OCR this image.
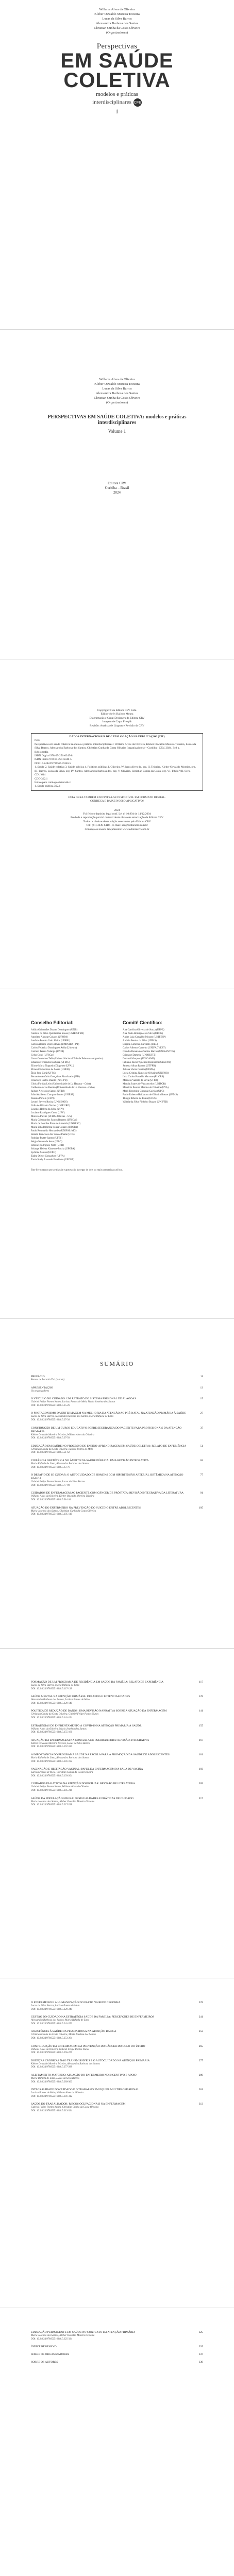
Willams Alves da Oliveira
Kleber Oswaldo Moreira Teixeira
Lucas da Silva Barros
Alexsandra Barbosa dos Santos
Christian Cunha da Costa Oliveira
(Organizadores)
Perspectivas
EM SAÚDE
COLETIVA
modelos e práticas
interdisciplinares CFE
1
Willams Alves da Oliveira
Kleber Oswaldo Moreira Teixeira
Lucas da Silva Barros
Alexsandra Barbosa dos Santos
Christian Cunha da Costa Oliveira
(Organizadores)
PERSPECTIVAS EM SAÚDE COLETIVA: modelos e práticas interdisciplinares
Volume 1
Editora CRV
Curitiba – Brasil
2024
Copyright © da Editora CRV Ltda.
Editor-chefe: Railson Moura
Diagramação e Capa: Designers da Editora CRV
Imagem de Capa: Freepik
Revisão: Analista de Línguas e Revisão da CRV
DADOS INTERNACIONAIS DE CATALOGAÇÃO NA PUBLICAÇÃO (CIP)
P467
Perspectivas em saúde coletiva: modelos e práticas interdisciplinares / Willams Alves da Oliveira, Kleber Oswaldo Moreira Teixeira, Lucas da Silva Barros, Alexsandra Barbosa dos Santos, Christian Cunha da Costa Oliveira (organizadores) – Curitiba : CRV, 2024. 340 p.
Bibliografia
ISBN Digital 978-65-251-6345-8
ISBN Físico 978-65-251-6346-5
DOI 10.24824/978652516346.5
1. Saúde 2. Saúde coletiva 3. Saúde pública 4. Políticas públicas I. Oliveira, Willams Alves da. org. II. Teixeira, Kleber Oswaldo Moreira. org. III. Barros, Lucas da Silva. org. IV. Santos, Alexsandra Barbosa dos. org. V. Oliveira, Christian Cunha da Costa. org. VI. Título VII. Série.
CDU 614
CDD 362.1
Índice para catálogo sistemático
1. Saúde pública 362.1
ESTA OBRA TAMBÉM ENCONTRA-SE DISPONÍVEL EM FORMATO DIGITAL.
CONHEÇA E BAIXE NOSSO APLICATIVO!
2024
Foi feito o depósito legal conf. Lei nº 10.994 de 14/12/2004
Proibida a reprodução parcial ou total desta obra sem autorização da Editora CRV
Todos os direitos desta edição reservados pela Editora CRV
Tel.: (41) 3039-6418 – E-mail: sac@editoracrv.com.br
Conheça os nossos lançamentos: www.editoracrv.com.br
Conselho Editorial:
Aldira Guimarães Duarte Domínguez (UNB)
Andréia da Silva Quintanilha Sousa (UNIR/UFRN)
Anselmo Alencar Colares (UFOPA)
Antônio Pereira Gaio Júnior (UFRRJ)
Carlos Alberto Vilar Estêvão (UMINHO – PT)
Carlos Federico Dominguez Avila (Unieuro)
Carmen Tereza Velanga (UNIR)
Celso Conti (UFSCar)
Cesar Gerónimo Tello (Univer. Nacional Três de Febrero – Argentina)
Eduardo Fernandes Barbosa (UFMG)
Elione Maria Nogueira Diogenes (UFAL)
Elizeu Clementino de Souza (UNEB)
Élsio José Corá (UFFS)
Fernando Antônio Gonçalves Alcoforado (IPB)
Francisco Carlos Duarte (PUC-PR)
Gloria Fariñas León (Universidade de La Havana – Cuba)
Guillermo Arias Beatón (Universidade de La Havana – Cuba)
Jailson Alves dos Santos (UFRJ)
João Adalberto Campato Junior (UNESP)
Josania Portela (UFPI)
Leonel Severo Rocha (UNISINOS)
Lídia de Oliveira Xavier (UNIEURO)
Lourdes Helena da Silva (UFV)
Luciano Rodrigues Costa (UFV)
Marcelo Paixão (UFRJ e UTexas – US)
Maria Cristina dos Santos Bezerra (UFSCar)
Maria de Lourdes Pinto de Almeida (UNOESC)
Maria Lília Imbiriba Sousa Colares (UFOPA)
Paulo Romualdo Hernandes (UNIFAL-MG)
Renato Francisco dos Santos Paula (UFG)
Rodrigo Pratte-Santos (UFES)
Sérgio Nunes de Jesus (IFRO)
Simone Rodrigues Pinto (UNB)
Solange Helena Ximenes-Rocha (UFOPA)
Sydione Santos (UEPG)
Tadeu Oliver Gonçalves (UFPA)
Tania Suely Azevedo Brasileiro (UFOPA)
Comitê Científico:
Ana Carolina Oliveira de Souza (UFPE)
Ana Paula Rodrigues da Silva (UFCG)
Andre Luiz Carvalho Moraes (UNIFESP)
Andréa Pereira da Silva (UFMS)
Brígida Gimenez Carvalho (UEL)
Carlos Alberto Carneiro (UNIFACVEST)
Claudia Renata dos Santos Barros (UNISANTOS)
Cristiane Dameda (UNIOESTE)
Dalvani Marques (UNICAMP)
Fabiano Kleber Queiroz Bedenardi (CESUPA)
Janesca Alban Roman (UTFPR)
Juliana Vieira Cutrim (UFMA)
Lúcia Cristina Nunes de Oliveira (UNIFOR)
Luiz Carlos Porcello Marrone (PUCRS)
Manuela Valente da Silva (UFPB)
Marcia Soares de Vasconcelos (UNIFOR)
Mauricio Pereira Martins de Oliveira (UVA)
Marli Terezinha Gimeniz Galvão (UFC)
Paulo Roberto Haidamus de Oliveira Bastos (UFMS)
Thiago Ribeiro de Paula (UFES)
Valéria da Silva Pinheiro Buzato (UNIFEB)
Este livro passou por avaliação e aprovação às cegas de dois ou mais pareceristas ad hoc.
SUMÁRIO
PREFÁCIO	11
Renata de Lacerda Thá (e-book)
APRESENTAÇÃO	13
Os organizadores
O VÍNCULO NO CUIDADO: UM RETRATO DO SISTEMA PRISIONAL DE ALAGOAS	15
Gabriel Felipe Pontes Nunes, Larissa Pontes de Melo, Maria Joselma dos Santos
DOI: 10.24824/978652516346.5.15-26
O PROTAGONISMO DA ENFERMAGEM NA MELHORIA DA ATENÇÃO AO PRÉ-NATAL NA ATENÇÃO PRIMÁRIA À SAÚDE	27
Lucas da Silva Barros, Alexsandra Barbosa dos Santos, Maria Rafaela de Lima
DOI: 10.24824/978652516346.5.27-36
CONSTRUÇÃO DE UM CURSO EDUCATIVO SOBRE SEGURANÇA DO PACIENTE PARA PROFISSIONAIS DA ATENÇÃO PRIMÁRIA
37
Kleber Oswaldo Moreira Teixeira, Willams Alves da Oliveira
DOI: 10.24824/978652516346.5.37-50
EDUCAÇÃO EM SAÚDE NO PROCESSO DE ENSINO-APRENDIZAGEM EM SAÚDE COLETIVA: RELATO DE EXPERIÊNCIA	51
Christian Cunha da Costa Oliveira, Larissa Pontes de Melo
DOI: 10.24824/978652516346.5.51-62
VIOLÊNCIA OBSTÉTRICA NO ÂMBITO DA SAÚDE PÚBLICA: UMA REVISÃO INTEGRATIVA	63
Maria Rafaela de Lima, Alexsandra Barbosa dos Santos
DOI: 10.24824/978652516346.5.63-76
O DESAFIO DE SE CUIDAR: O AUTOCUIDADO DE HOMENS COM HIPERTENSÃO ARTERIAL SISTÊMICA NA ATENÇÃO BÁSICA
77
Gabriel Felipe Pontes Nunes, Lucas da Silva Barros
DOI: 10.24824/978652516346.5.77-90
CUIDADOS DE ENFERMAGEM AO PACIENTE COM CÂNCER DE PRÓSTATA: REVISÃO INTEGRATIVA DA LITERATURA	91
Willams Alves da Oliveira, Kleber Oswaldo Moreira Teixeira
DOI: 10.24824/978652516346.5.91-104
ATUAÇÃO DO ENFERMEIRO NA PREVENÇÃO DO SUICÍDIO ENTRE ADOLESCENTES	105
Maria Joselma dos Santos, Christian Cunha da Costa Oliveira
DOI: 10.24824/978652516346.5.105-116
FORMAÇÃO DE UM PROGRAMA DE RESIDÊNCIA EM SAÚDE DA FAMÍLIA: RELATO DE EXPERIÊNCIA	117
Lucas da Silva Barros, Maria Rafaela de Lima
DOI: 10.24824/978652516346.5.117-128
SAÚDE MENTAL NA ATENÇÃO PRIMÁRIA: DESAFIOS E POTENCIALIDADES	129
Alexsandra Barbosa dos Santos, Larissa Pontes de Melo
DOI: 10.24824/978652516346.5.129-140
POLÍTICA DE REDUÇÃO DE DANOS: UMA REVISÃO NARRATIVA SOBRE A ATUAÇÃO DA ENFERMAGEM	141
Christian Cunha da Costa Oliveira, Gabriel Felipe Pontes Nunes
DOI: 10.24824/978652516346.5.141-154
ESTRATÉGIAS DE ENFRENTAMENTO À COVID-19 NA ATENÇÃO PRIMÁRIA À SAÚDE	155
Willams Alves da Oliveira, Maria Joselma dos Santos
DOI: 10.24824/978652516346.5.155-166
ATUAÇÃO DA ENFERMAGEM NA CONSULTA DE PUERICULTURA: REVISÃO INTEGRATIVA	167
Kleber Oswaldo Moreira Teixeira, Lucas da Silva Barros
DOI: 10.24824/978652516346.5.167-180
A IMPORTÂNCIA DO PROGRAMA SAÚDE NA ESCOLA PARA A PROMOÇÃO DA SAÚDE DE ADOLESCENTES	181
Maria Rafaela de Lima, Alexsandra Barbosa dos Santos
DOI: 10.24824/978652516346.5.181-192
VACINAÇÃO E HESITAÇÃO VACINAL: PAPEL DA ENFERMAGEM NA SALA DE VACINA	193
Larissa Pontes de Melo, Christian Cunha da Costa Oliveira
DOI: 10.24824/978652516346.5.193-204
CUIDADOS PALIATIVOS NA ATENÇÃO DOMICILIAR: REVISÃO DE LITERATURA	205
Gabriel Felipe Pontes Nunes, Willams Alves da Oliveira
DOI: 10.24824/978652516346.5.205-216
SAÚDE DA POPULAÇÃO NEGRA: DESIGUALDADES E PRÁTICAS DE CUIDADO	217
Maria Joselma dos Santos, Kleber Oswaldo Moreira Teixeira
DOI: 10.24824/978652516346.5.217-228
O ENFERMEIRO E A HUMANIZAÇÃO DO PARTO NA REDE CEGONHA	229
Lucas da Silva Barros, Larissa Pontes de Melo
DOI: 10.24824/978652516346.5.229-240
GESTÃO DO CUIDADO NA ESTRATÉGIA SAÚDE DA FAMÍLIA: PERCEPÇÕES DE ENFERMEIROS	241
Alexsandra Barbosa dos Santos, Maria Rafaela de Lima
DOI: 10.24824/978652516346.5.241-252
ASSISTÊNCIA À SAÚDE DA PESSOA IDOSA NA ATENÇÃO BÁSICA	253
Christian Cunha da Costa Oliveira, Maria Joselma dos Santos
DOI: 10.24824/978652516346.5.253-264
CONTRIBUIÇÃO DA ENFERMAGEM NA PREVENÇÃO DO CÂNCER DO COLO DO ÚTERO	265
Willams Alves da Oliveira, Gabriel Felipe Pontes Nunes
DOI: 10.24824/978652516346.5.265-276
DOENÇAS CRÔNICAS NÃO TRANSMISSÍVEIS E O AUTOCUIDADO NA ATENÇÃO PRIMÁRIA	277
Kleber Oswaldo Moreira Teixeira, Alexsandra Barbosa dos Santos
DOI: 10.24824/978652516346.5.277-288
ALEITAMENTO MATERNO: ATUAÇÃO DO ENFERMEIRO NO INCENTIVO E APOIO	289
Maria Rafaela de Lima, Lucas da Silva Barros
DOI: 10.24824/978652516346.5.289-300
INTEGRALIDADE DO CUIDADO E O TRABALHO EM EQUIPE MULTIPROFISSIONAL	301
Larissa Pontes de Melo, Willams Alves da Oliveira
DOI: 10.24824/978652516346.5.301-312
SAÚDE DO TRABALHADOR: RISCOS OCUPACIONAIS NA ENFERMAGEM	313
Gabriel Felipe Pontes Nunes, Christian Cunha da Costa Oliveira
DOI: 10.24824/978652516346.5.313-324
EDUCAÇÃO PERMANENTE EM SAÚDE NO CONTEXTO DA ATENÇÃO PRIMÁRIA	325
Maria Joselma dos Santos, Kleber Oswaldo Moreira Teixeira
DOI: 10.24824/978652516346.5.325-334
ÍNDICE REMISSIVO	335
SOBRE OS ORGANIZADORES	337
SOBRE OS AUTORES	339
